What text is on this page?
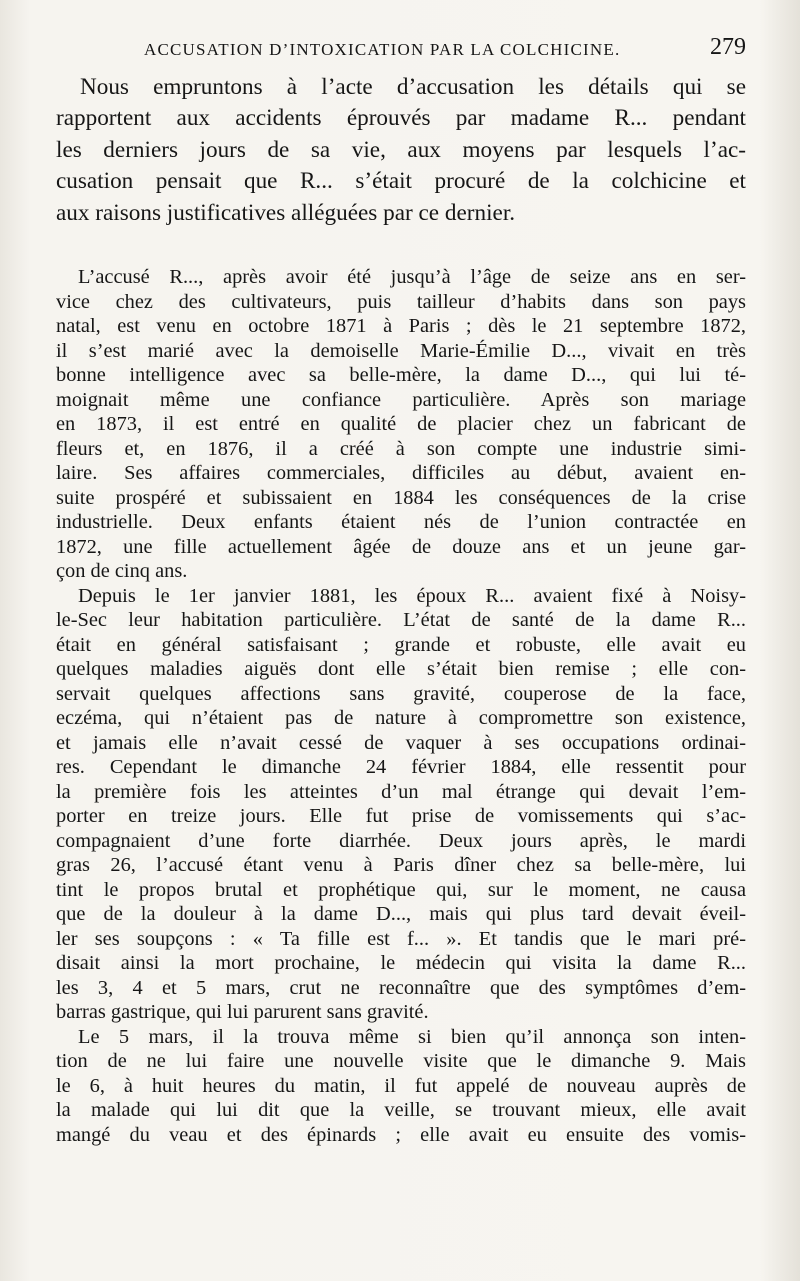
ACCUSATION D’INTOXICATION PAR LA COLCHICINE.	279
Nous empruntons à l’acte d’accusation les détails qui se
rapportent aux accidents éprouvés par madame R... pendant
les derniers jours de sa vie, aux moyens par lesquels l’ac-
cusation pensait que R... s’était procuré de la colchicine et
aux raisons justificatives alléguées par ce dernier.
L’accusé R..., après avoir été jusqu’à l’âge de seize ans en ser-
vice chez des cultivateurs, puis tailleur d’habits dans son pays
natal, est venu en octobre 1871 à Paris ; dès le 21 septembre 1872,
il s’est marié avec la demoiselle Marie-Émilie D..., vivait en très
bonne intelligence avec sa belle-mère, la dame D..., qui lui té-
moignait même une confiance particulière. Après son mariage
en 1873, il est entré en qualité de placier chez un fabricant de
fleurs et, en 1876, il a créé à son compte une industrie simi-
laire. Ses affaires commerciales, difficiles au début, avaient en-
suite prospéré et subissaient en 1884 les conséquences de la crise
industrielle. Deux enfants étaient nés de l’union contractée en
1872, une fille actuellement âgée de douze ans et un jeune gar-
çon de cinq ans.
Depuis le 1er janvier 1881, les époux R... avaient fixé à Noisy-
le-Sec leur habitation particulière. L’état de santé de la dame R...
était en général satisfaisant ; grande et robuste, elle avait eu
quelques maladies aiguës dont elle s’était bien remise ; elle con-
servait quelques affections sans gravité, couperose de la face,
eczéma, qui n’étaient pas de nature à compromettre son existence,
et jamais elle n’avait cessé de vaquer à ses occupations ordinai-
res. Cependant le dimanche 24 février 1884, elle ressentit pour
la première fois les atteintes d’un mal étrange qui devait l’em-
porter en treize jours. Elle fut prise de vomissements qui s’ac-
compagnaient d’une forte diarrhée. Deux jours après, le mardi
gras 26, l’accusé étant venu à Paris dîner chez sa belle-mère, lui
tint le propos brutal et prophétique qui, sur le moment, ne causa
que de la douleur à la dame D..., mais qui plus tard devait éveil-
ler ses soupçons : « Ta fille est f... ». Et tandis que le mari pré-
disait ainsi la mort prochaine, le médecin qui visita la dame R...
les 3, 4 et 5 mars, crut ne reconnaître que des symptômes d’em-
barras gastrique, qui lui parurent sans gravité.
Le 5 mars, il la trouva même si bien qu’il annonça son inten-
tion de ne lui faire une nouvelle visite que le dimanche 9. Mais
le 6, à huit heures du matin, il fut appelé de nouveau auprès de
la malade qui lui dit que la veille, se trouvant mieux, elle avait
mangé du veau et des épinards ; elle avait eu ensuite des vomis-
